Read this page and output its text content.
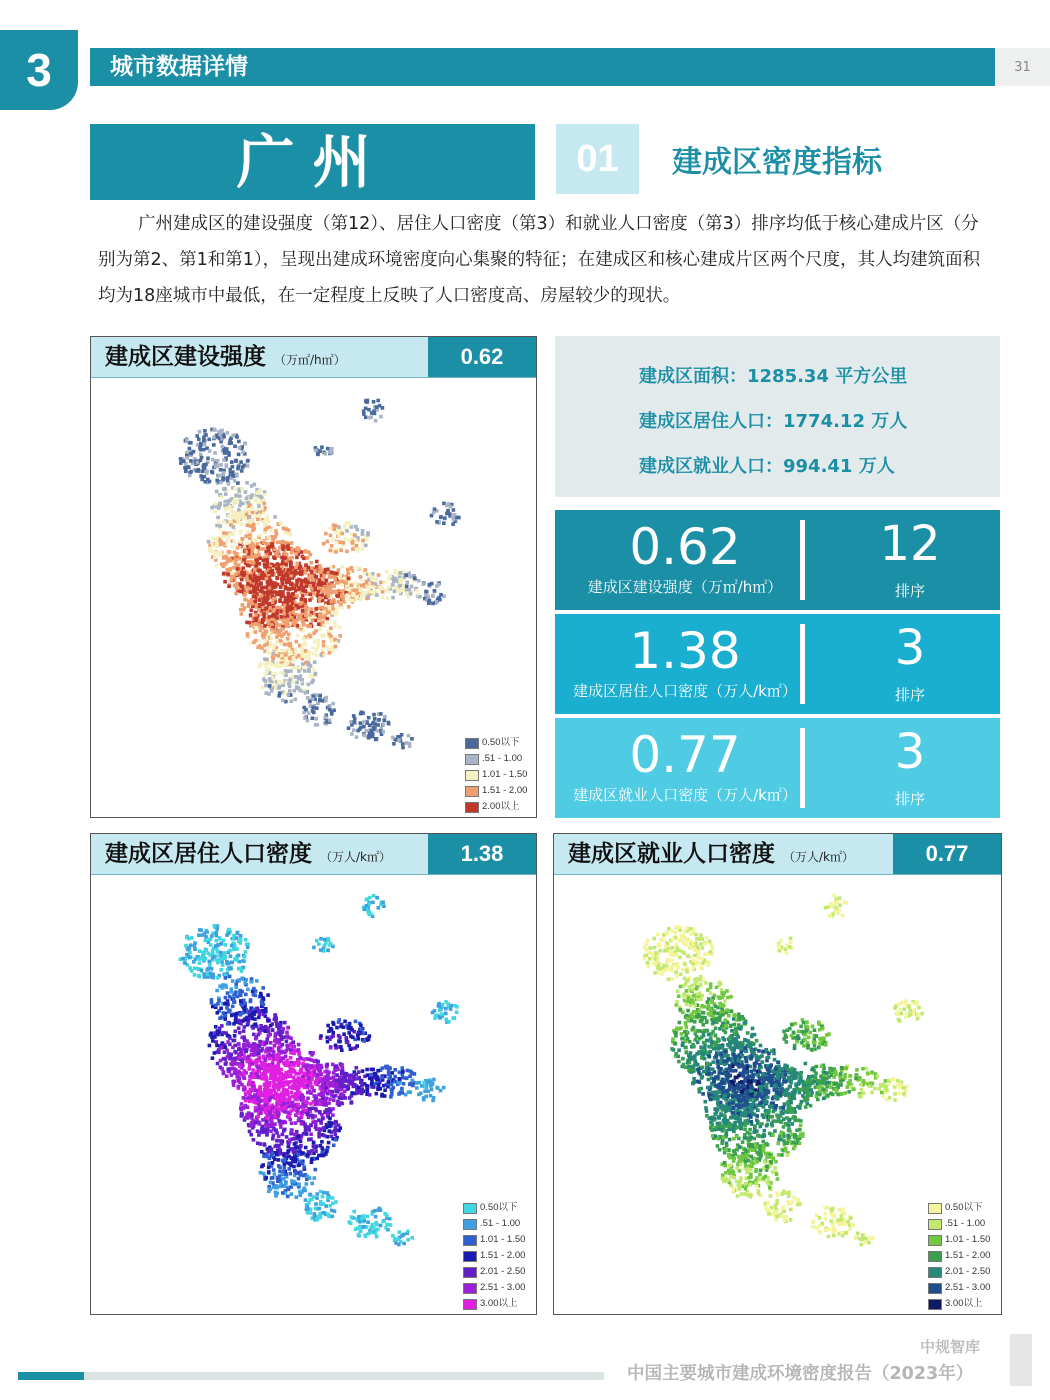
3	城市数据详情	31
广州	01	建成区密度指标

广州建成区的建设强度（第12）、居住人口密度（第3）和就业人口密度（第3）排序均低于核心建成片区（分别为第2、第1和第1），呈现出建成环境密度向心集聚的特征；在建成区和核心建成片区两个尺度，其人均建筑面积均为18座城市中最低，在一定程度上反映了人口密度高、房屋较少的现状。

建成区建设强度 （万㎡/h㎡）	0.62
0.50以下
.51 - 1.00
1.01 - 1.50
1.51 - 2.00
2.00以上
建成区面积：1285.34 平方公里
建成区居住人口：1774.12 万人
建成区就业人口：994.41 万人
0.62
建成区建设强度（万㎡/h㎡）
12
排序
1.38
建成区居住人口密度（万人/k㎡）
3
排序
0.77
建成区就业人口密度（万人/k㎡）
3
排序
建成区居住人口密度 （万人/k㎡）	1.38
0.50以下
.51 - 1.00
1.01 - 1.50
1.51 - 2.00
2.01 - 2.50
2.51 - 3.00
3.00以上
建成区就业人口密度 （万人/k㎡）	0.77
0.50以下
.51 - 1.00
1.01 - 1.50
1.51 - 2.00
2.01 - 2.50
2.51 - 3.00
3.00以上
中规智库
中国主要城市建成环境密度报告（2023年）
